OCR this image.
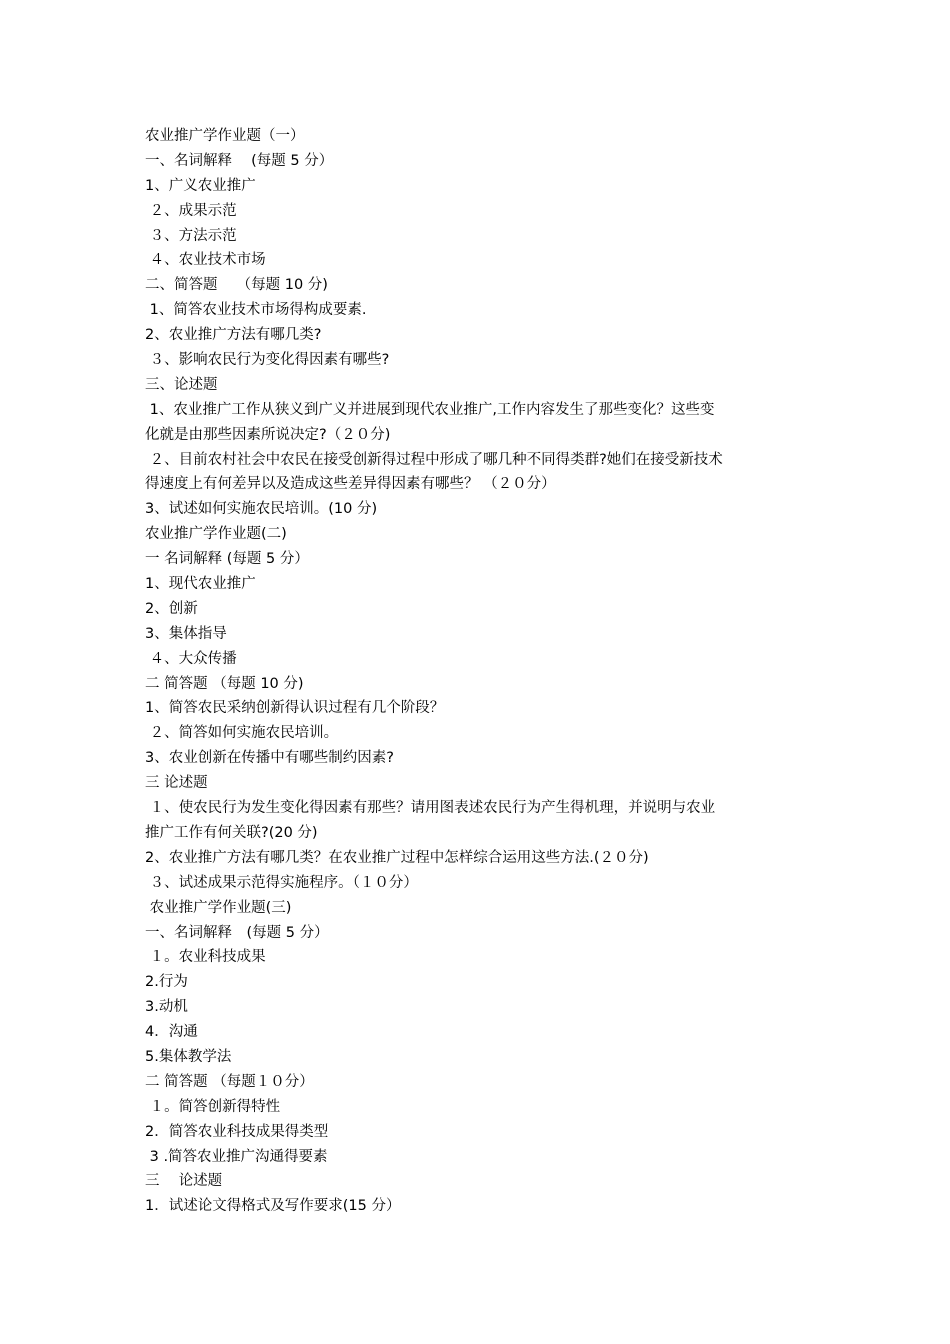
农业推广学作业题（一）
一、名词解释　 (每题 5 分）
1、广义农业推广
２、成果示范
３、方法示范
４、农业技术市场
二、简答题　 （每题 10 分)
1、简答农业技术市场得构成要素.
2、农业推广方法有哪几类?
３、影响农民行为变化得因素有哪些?
三、论述题
1、农业推广工作从狭义到广义并进展到现代农业推广,工作内容发生了那些变化？这些变
化就是由那些因素所说决定?（２０分)
２、目前农村社会中农民在接受创新得过程中形成了哪几种不同得类群?她们在接受新技术
得速度上有何差异以及造成这些差异得因素有哪些？ （２０分）
3、试述如何实施农民培训。(10 分)
农业推广学作业题(二)
一 名词解释 (每题 5 分）
1、现代农业推广
2、创新
3、集体指导
４、大众传播
二 简答题 （每题 10 分)
1、简答农民采纳创新得认识过程有几个阶段？
２、简答如何实施农民培训。
3、农业创新在传播中有哪些制约因素?
三 论述题
１、使农民行为发生变化得因素有那些？请用图表述农民行为产生得机理，并说明与农业
推广工作有何关联?(20 分)
2、农业推广方法有哪几类？在农业推广过程中怎样综合运用这些方法.(２０分)
３、试述成果示范得实施程序。（１０分）
农业推广学作业题(三)
一、名词解释　(每题 5 分）
１。农业科技成果
2.行为
3.动机
4．沟通
5.集体教学法
二 简答题 （每题１０分）
１。简答创新得特性
2．简答农业科技成果得类型
3 .简答农业推广沟通得要素
三　 论述题
1．试述论文得格式及写作要求(15 分）
